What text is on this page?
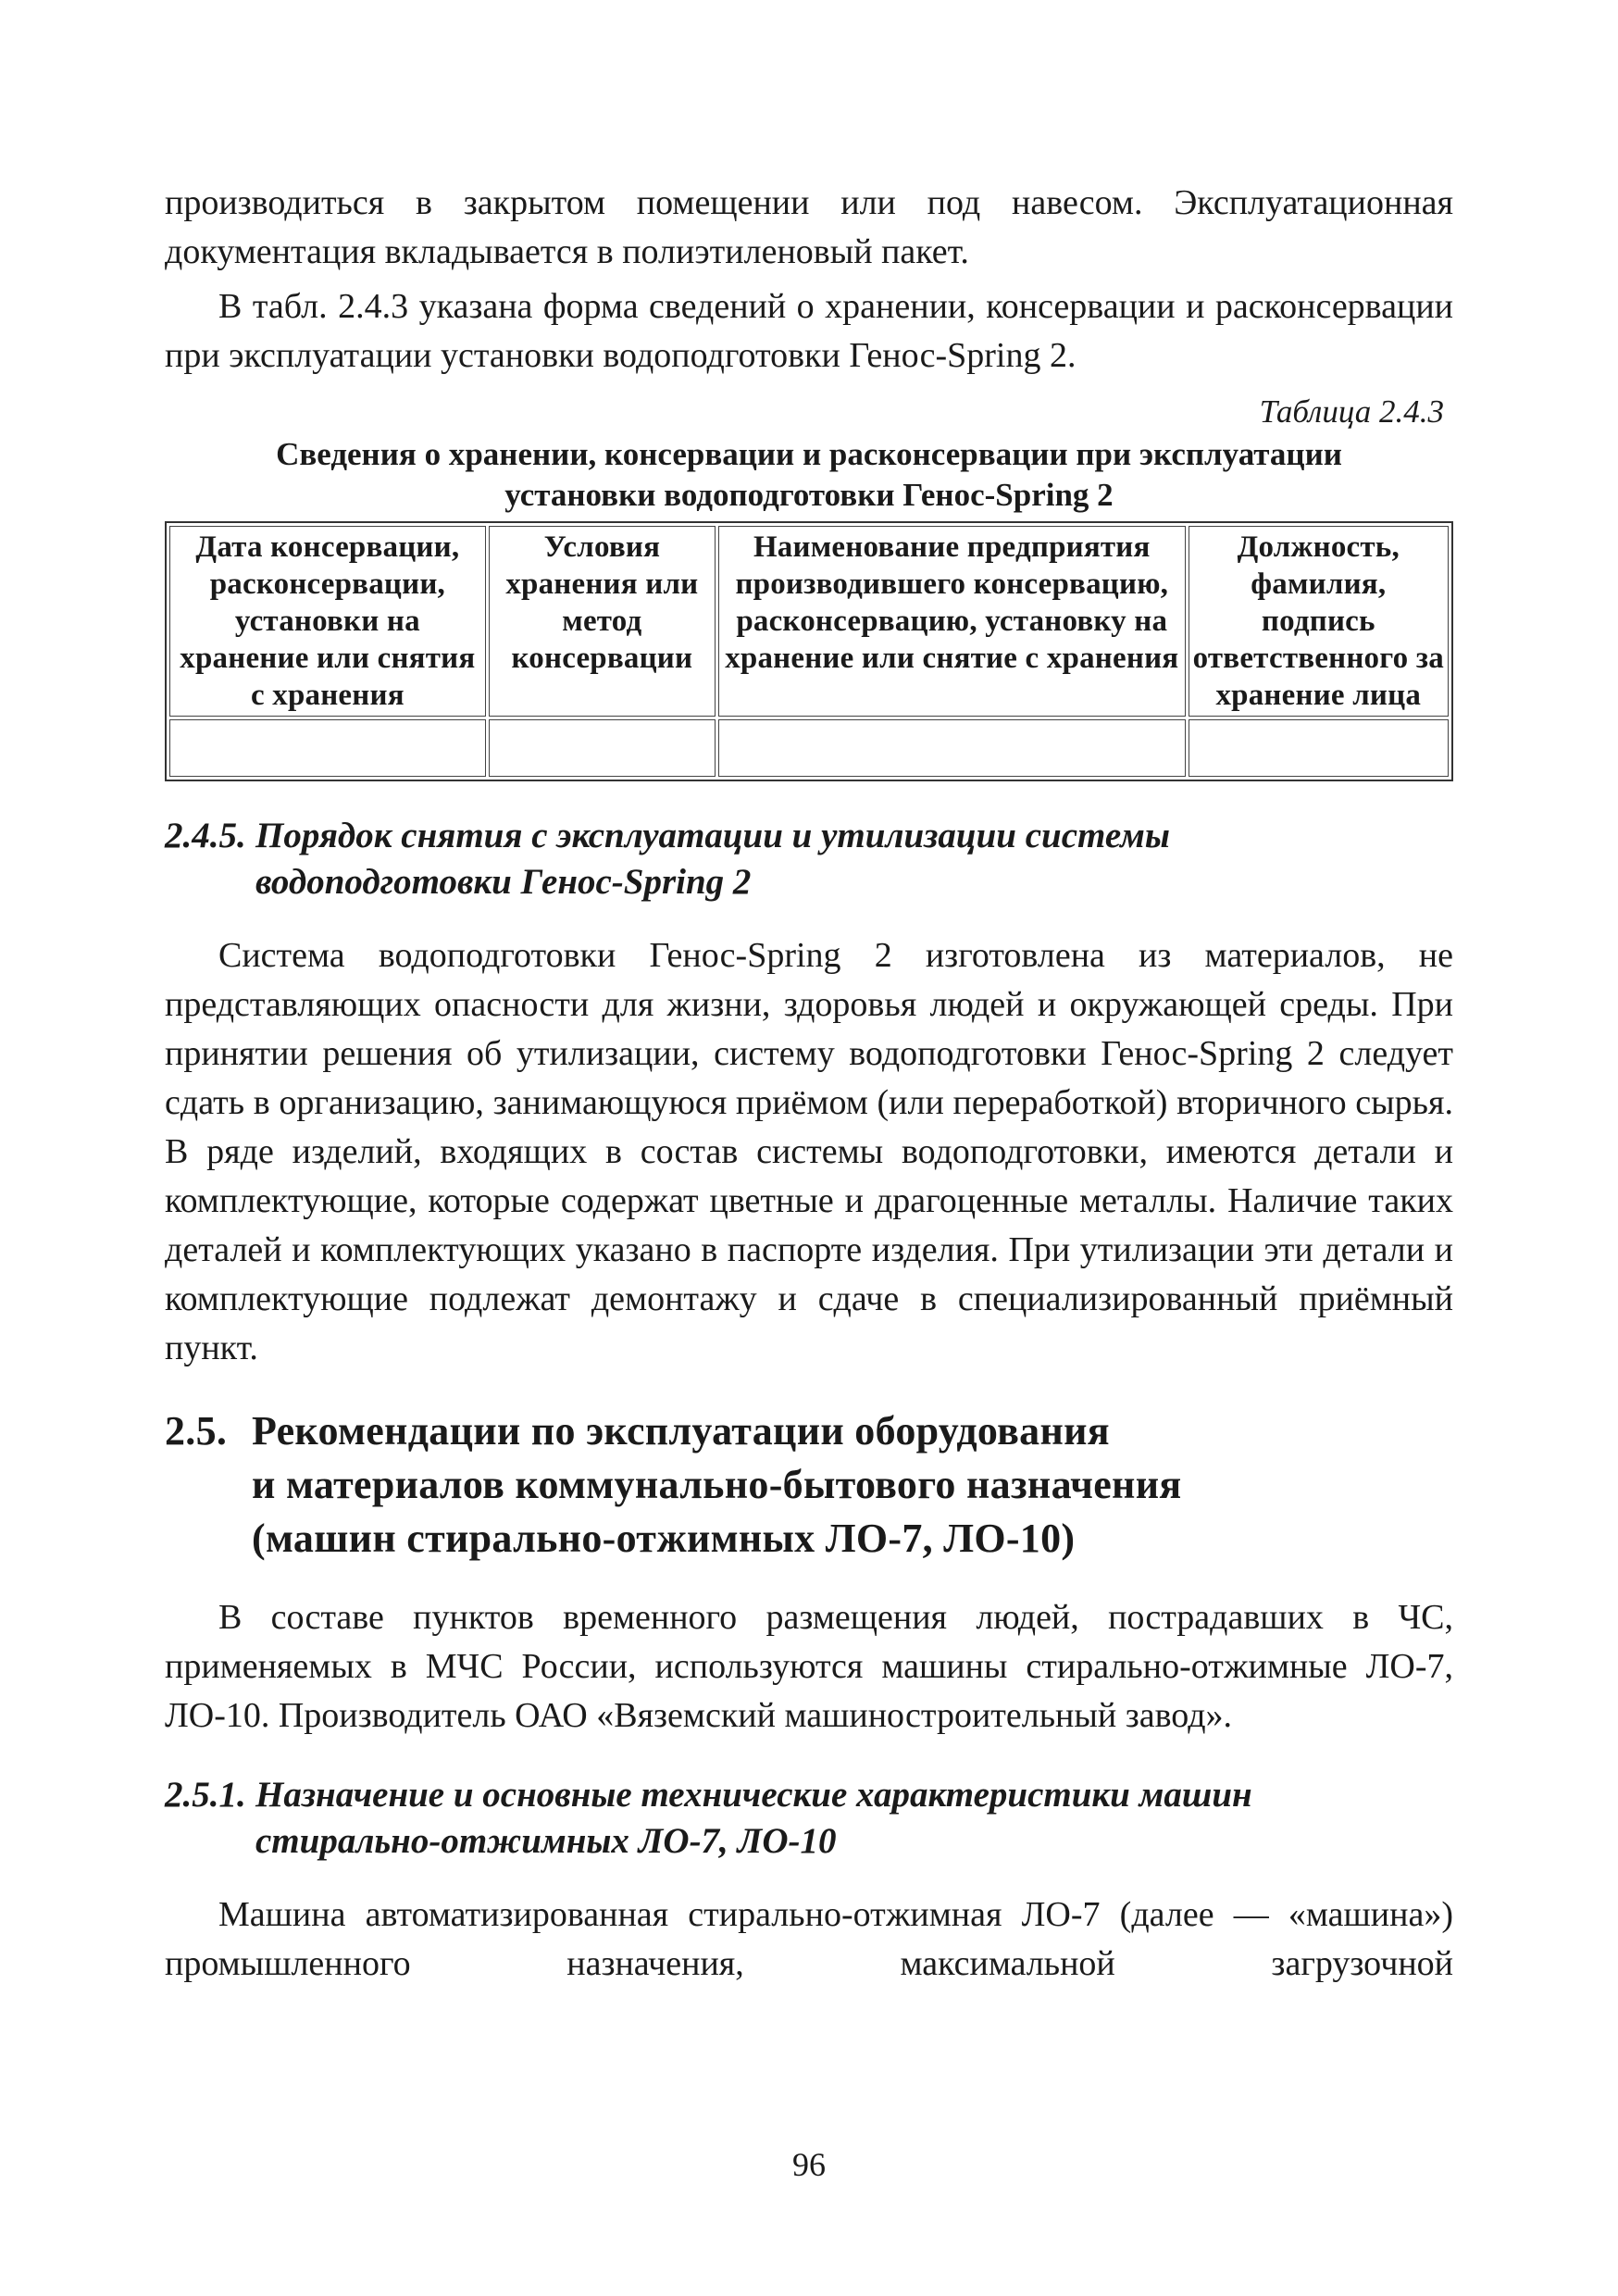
производиться в закрытом помещении или под навесом. Эксплуатационная документация вкладывается в полиэтиленовый пакет.

В табл. 2.4.3 указана форма сведений о хранении, консервации и расконсервации при эксплуатации установки водоподготовки Генос-Spring 2.

Таблица 2.4.3
Сведения о хранении, консервации и расконсервации при эксплуатации
установки водоподготовки Генос-Spring 2
Дата консервации, расконсервации, установки на хранение или снятия с хранения	Условия хранения или метод консервации	Наименование предприятия производившего консервацию, расконсервацию, установку на хранение или снятие с хранения	Должность, фамилия, подпись ответственного за хранение лица

2.4.5. Порядок снятия с эксплуатации и утилизации системы
водоподготовки Генос-Spring 2

Система водоподготовки Генос-Spring 2 изготовлена из материалов, не представляющих опасности для жизни, здоровья людей и окружающей среды. При принятии решения об утилизации, систему водоподготовки Генос-Spring 2 следует сдать в организацию, занимающуюся приёмом (или переработкой) вторичного сырья. В ряде изделий, входящих в состав системы водоподготовки, имеются детали и комплектующие, которые содержат цветные и драгоценные металлы. Наличие таких деталей и комплектующих указано в паспорте изделия. При утилизации эти детали и комплектующие подлежат демонтажу и сдаче в специализированный приёмный пункт.

2.5. Рекомендации по эксплуатации оборудования
и материалов коммунально-бытового назначения
(машин стирально-отжимных ЛО-7, ЛО-10)

В составе пунктов временного размещения людей, пострадавших в ЧС, применяемых в МЧС России, используются машины стирально-отжимные ЛО-7, ЛО-10. Производитель ОАО «Вяземский машиностроительный завод».

2.5.1. Назначение и основные технические характеристики машин
стирально-отжимных ЛО-7, ЛО-10

Машина автоматизированная стирально-отжимная ЛО-7 (далее — «машина») промышленного назначения, максимальной загрузочной

96
